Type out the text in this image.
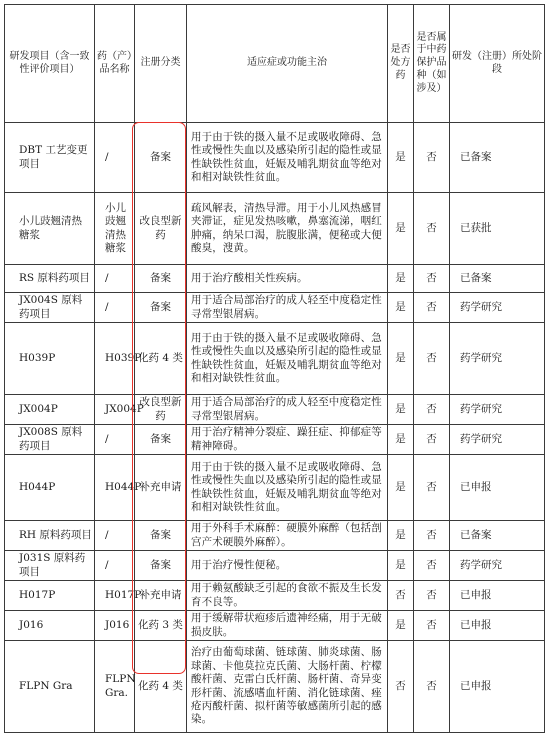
研发项目（含一致性评价项目）	药（产）品名称	注册分类	适应症或功能主治	是否处方药	是否属于中药保护品种（如涉及）	研发（注册）所处阶段
DBT 工艺变更项目	/	备案	用于由于铁的摄入量不足或吸收障碍、急性或慢性失血以及感染所引起的隐性或显性缺铁性贫血，妊娠及哺乳期贫血等绝对和相对缺铁性贫血。	是	否	已备案
小儿豉翘清热糖浆	小儿豉翘清热糖浆	改良型新药	疏风解表，清热导滞。用于小儿风热感冒夹滞证，症见发热咳嗽，鼻塞流涕，咽红肿痛，纳呆口渴，脘腹胀满，便秘或大便酸臭，溲黄。	是	否	已获批
RS 原料药项目	/	备案	用于治疗酸相关性疾病。	是	否	已备案
JX004S 原料药项目	/	备案	用于适合局部治疗的成人轻至中度稳定性寻常型银屑病。	是	否	药学研究
H039P	H039P	化药 4 类	用于由于铁的摄入量不足或吸收障碍、急性或慢性失血以及感染所引起的隐性或显性缺铁性贫血，妊娠及哺乳期贫血等绝对和相对缺铁性贫血。	是	否	药学研究
JX004P	JX004P	改良型新药	用于适合局部治疗的成人轻至中度稳定性寻常型银屑病。	是	否	药学研究
JX008S 原料药项目	/	备案	用于治疗精神分裂症、躁狂症、抑郁症等精神障碍。	是	否	药学研究
H044P	H044P	补充申请	用于由于铁的摄入量不足或吸收障碍、急性或慢性失血以及感染所引起的隐性或显性缺铁性贫血，妊娠及哺乳期贫血等绝对和相对缺铁性贫血。	是	否	已申报
RH 原料药项目	/	备案	用于外科手术麻醉：硬膜外麻醉（包括剖宫产术硬膜外麻醉）。	是	否	已备案
J031S 原料药项目	/	备案	用于治疗慢性便秘。	是	否	药学研究
H017P	H017P	补充申请	用于赖氨酸缺乏引起的食欲不振及生长发育不良等。	否	否	已申报
J016	J016	化药 3 类	用于缓解带状疱疹后遗神经痛，用于无破损皮肤。	是	否	已申报
FLPN Gra	FLPN Gra.	化药 4 类	治疗由葡萄球菌、链球菌、肺炎球菌、肠球菌、卡他莫拉克氏菌、大肠杆菌、柠檬酸杆菌、克雷白氏杆菌、肠杆菌、奇异变形杆菌、流感嗜血杆菌、消化链球菌、痤疮丙酸杆菌、拟杆菌等敏感菌所引起的感染。	否	否	已申报
